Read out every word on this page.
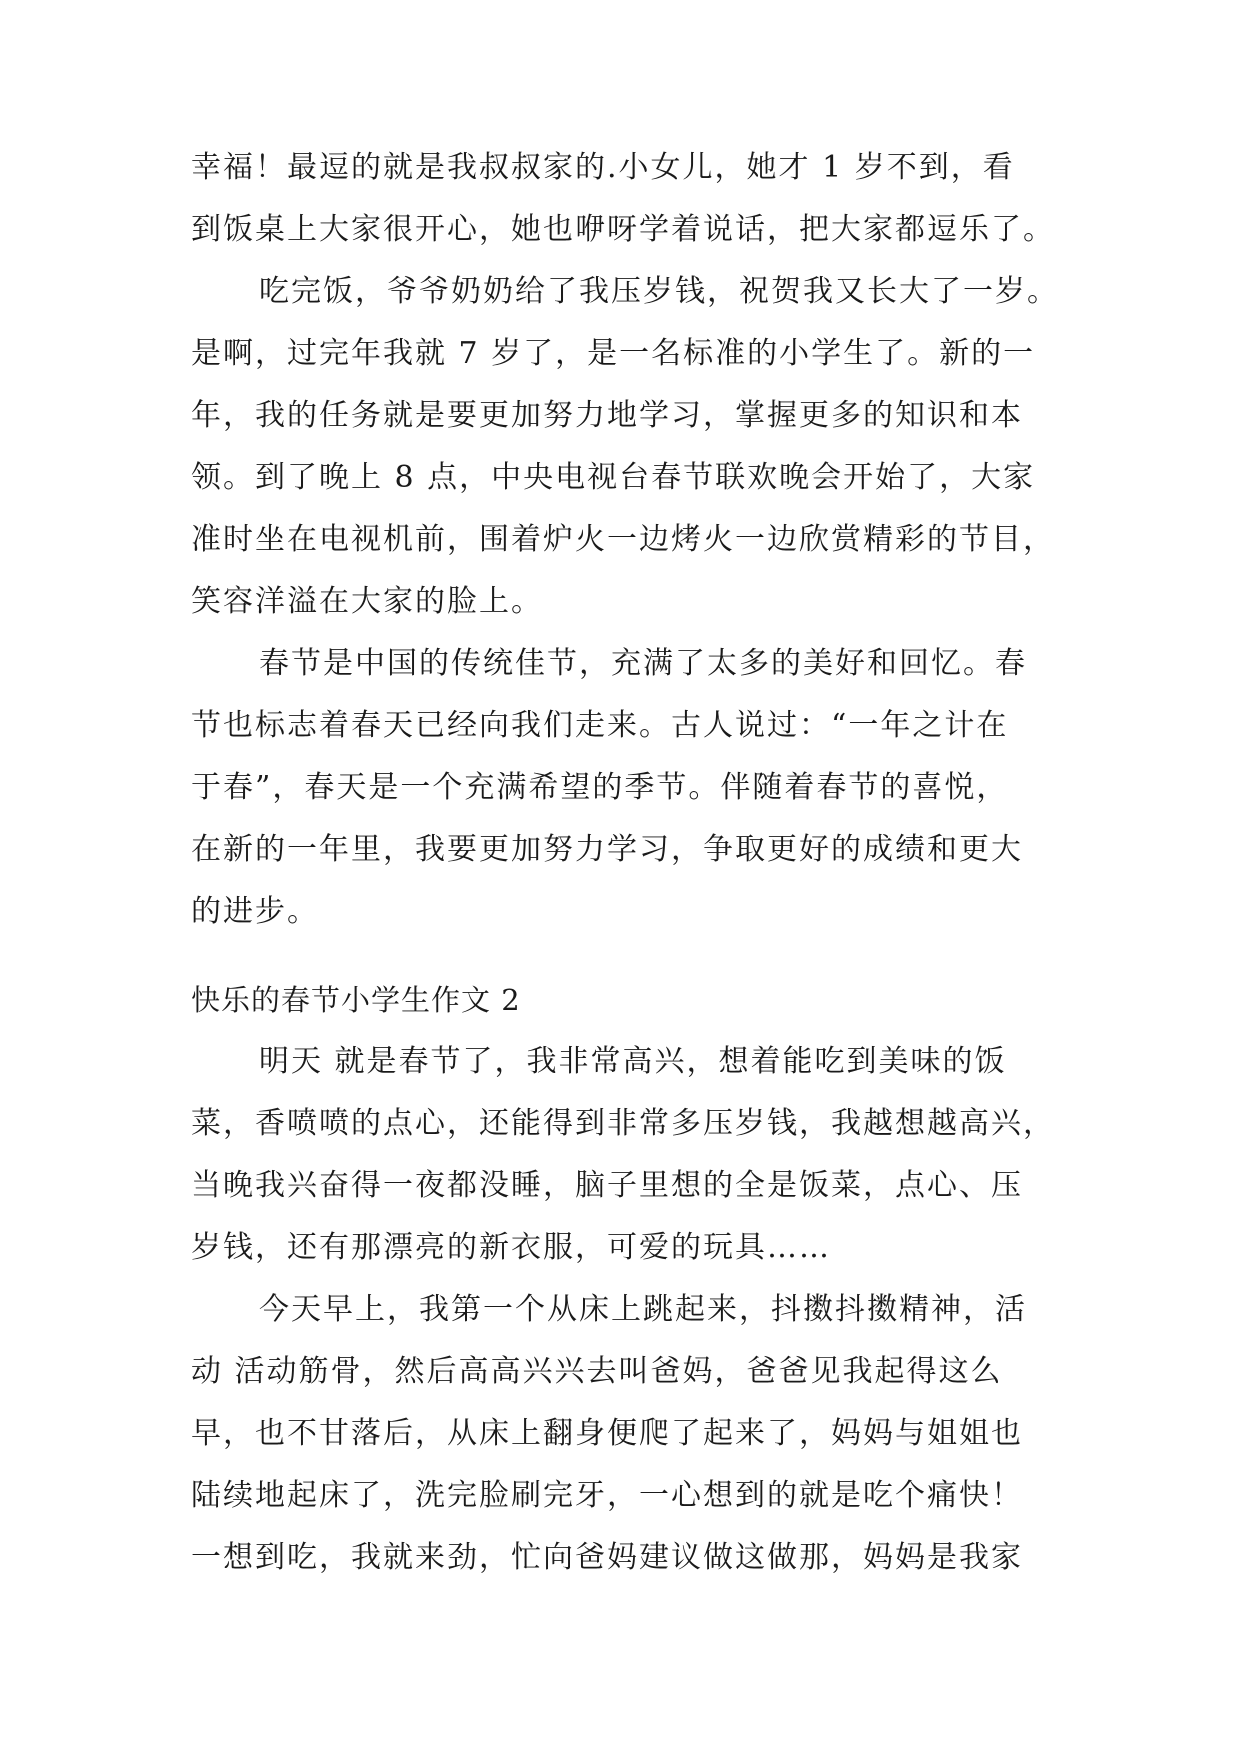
幸福！最逗的就是我叔叔家的.小女儿，她才 1 岁不到，看
到饭桌上大家很开心，她也咿呀学着说话，把大家都逗乐了。
吃完饭，爷爷奶奶给了我压岁钱，祝贺我又长大了一岁。
是啊，过完年我就 7 岁了，是一名标准的小学生了。新的一
年，我的任务就是要更加努力地学习，掌握更多的知识和本
领。到了晚上 8 点，中央电视台春节联欢晚会开始了，大家
准时坐在电视机前，围着炉火一边烤火一边欣赏精彩的节目，
笑容洋溢在大家的脸上。
春节是中国的传统佳节，充满了太多的美好和回忆。春
节也标志着春天已经向我们走来。古人说过：“一年之计在
于春”，春天是一个充满希望的季节。伴随着春节的喜悦，
在新的一年里，我要更加努力学习，争取更好的成绩和更大
的进步。
快乐的春节小学生作文 2
明天 就是春节了，我非常高兴，想着能吃到美味的饭
菜，香喷喷的点心，还能得到非常多压岁钱，我越想越高兴，
当晚我兴奋得一夜都没睡，脑子里想的全是饭菜，点心、压
岁钱，还有那漂亮的新衣服，可爱的玩具……
今天早上，我第一个从床上跳起来，抖擞抖擞精神，活
动 活动筋骨，然后高高兴兴去叫爸妈，爸爸见我起得这么
早，也不甘落后，从床上翻身便爬了起来了，妈妈与姐姐也
陆续地起床了，洗完脸刷完牙，一心想到的就是吃个痛快！
一想到吃，我就来劲，忙向爸妈建议做这做那，妈妈是我家
